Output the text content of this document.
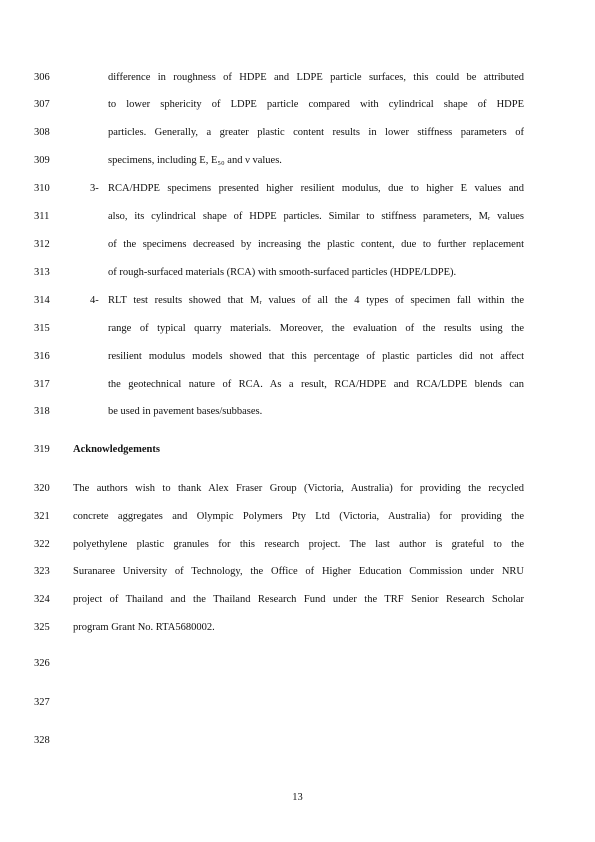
306	difference in roughness of HDPE and LDPE particle surfaces, this could be attributed
307	to lower sphericity of LDPE particle compared with cylindrical shape of HDPE
308	particles. Generally, a greater plastic content results in lower stiffness parameters of
309	specimens, including E, E₅₀ and ν values.
310	3- RCA/HDPE specimens presented higher resilient modulus, due to higher E values and
311	also, its cylindrical shape of HDPE particles. Similar to stiffness parameters, Mᵣ values
312	of the specimens decreased by increasing the plastic content, due to further replacement
313	of rough-surfaced materials (RCA) with smooth-surfaced particles (HDPE/LDPE).
314	4- RLT test results showed that Mᵣ values of all the 4 types of specimen fall within the
315	range of typical quarry materials. Moreover, the evaluation of the results using the
316	resilient modulus models showed that this percentage of plastic particles did not affect
317	the geotechnical nature of RCA. As a result, RCA/HDPE and RCA/LDPE blends can
318	be used in pavement bases/subbases.
319	Acknowledgements
320	The authors wish to thank Alex Fraser Group (Victoria, Australia) for providing the recycled
321	concrete aggregates and Olympic Polymers Pty Ltd (Victoria, Australia) for providing the
322	polyethylene plastic granules for this research project. The last author is grateful to the
323	Suranaree University of Technology, the Office of Higher Education Commission under NRU
324	project of Thailand and the Thailand Research Fund under the TRF Senior Research Scholar
325	program Grant No. RTA5680002.
326
327
328
13
